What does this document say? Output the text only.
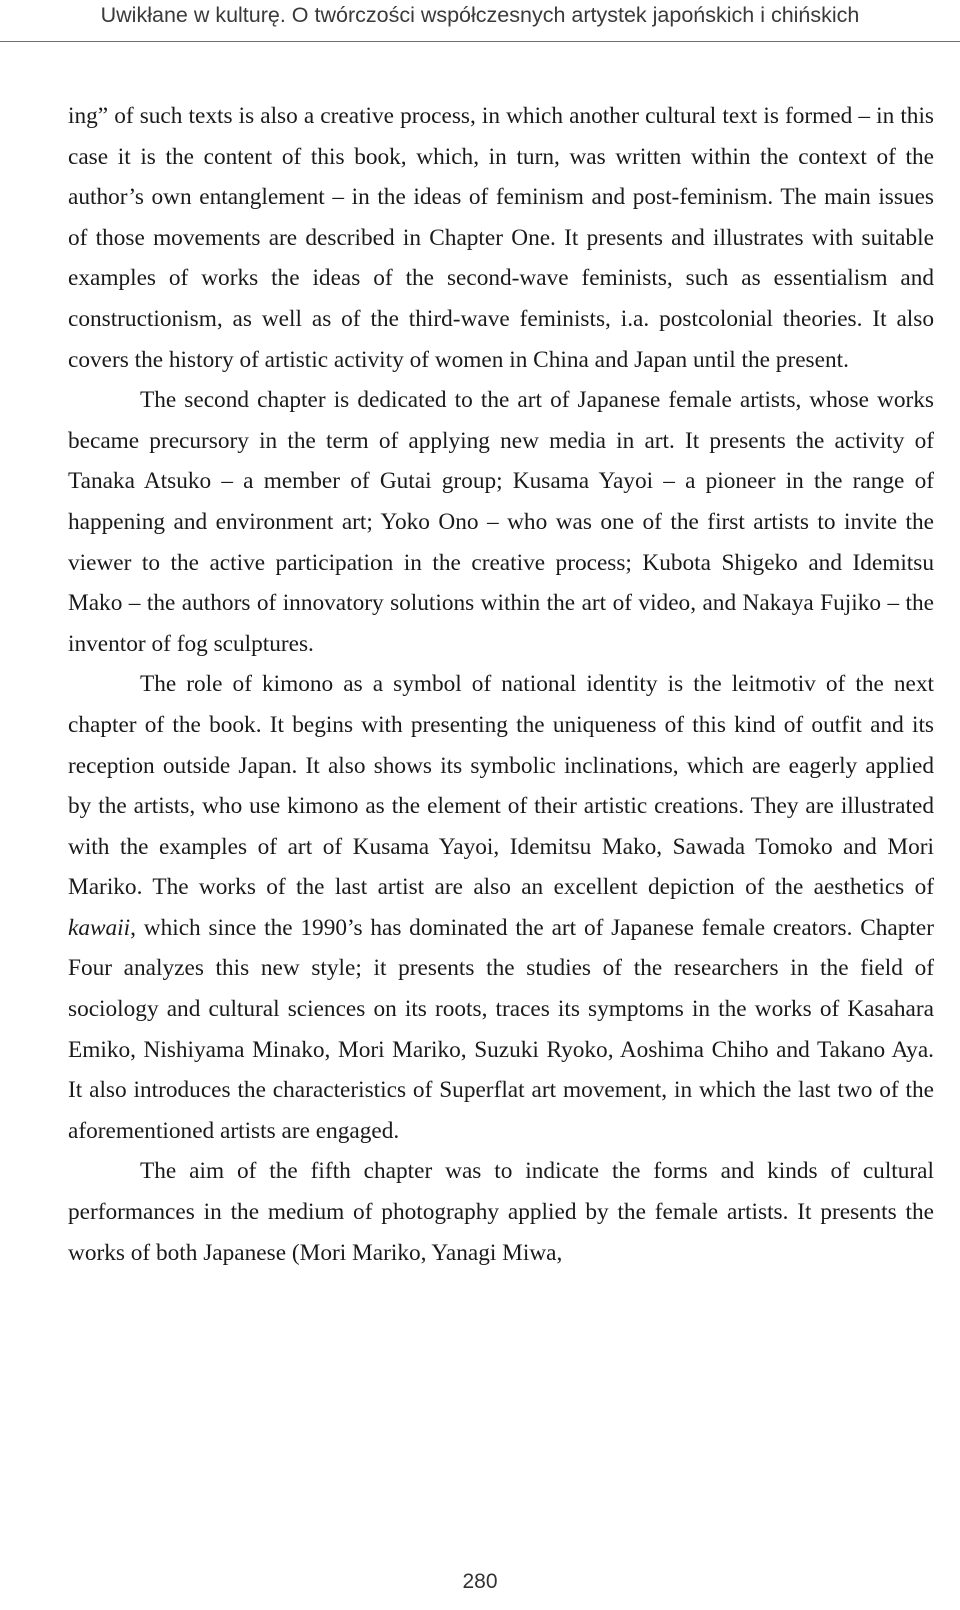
Uwikłane w kulturę. O twórczości współczesnych artystek japońskich i chińskich

ing” of such texts is also a creative process, in which another cultural text is formed – in this case it is the content of this book, which, in turn, was written within the context of the author’s own entanglement – in the ideas of feminism and post-feminism. The main issues of those movements are described in Chapter One. It presents and illustrates with suitable examples of works the ideas of the second-wave feminists, such as essentialism and constructionism, as well as of the third-wave feminists, i.a. postcolonial theories. It also covers the history of artistic activity of women in China and Japan until the present.

The second chapter is dedicated to the art of Japanese female artists, whose works became precursory in the term of applying new media in art. It presents the activity of Tanaka Atsuko – a member of Gutai group; Kusama Yayoi – a pioneer in the range of happening and environment art; Yoko Ono – who was one of the first artists to invite the viewer to the active participation in the creative process; Kubota Shigeko and Idemitsu Mako – the authors of innovatory solutions within the art of video, and Nakaya Fujiko – the inventor of fog sculptures.

The role of kimono as a symbol of national identity is the leitmotiv of the next chapter of the book. It begins with presenting the uniqueness of this kind of outfit and its reception outside Japan. It also shows its symbolic inclinations, which are eagerly applied by the artists, who use kimono as the element of their artistic creations. They are illustrated with the examples of art of Kusama Yayoi, Idemitsu Mako, Sawada Tomoko and Mori Mariko. The works of the last artist are also an excellent depiction of the aesthetics of kawaii, which since the 1990’s has dominated the art of Japanese female creators. Chapter Four analyzes this new style; it presents the studies of the researchers in the field of sociology and cultural sciences on its roots, traces its symptoms in the works of Kasahara Emiko, Nishiyama Minako, Mori Mariko, Suzuki Ryoko, Aoshima Chiho and Takano Aya. It also introduces the characteristics of Superflat art movement, in which the last two of the aforementioned artists are engaged.

The aim of the fifth chapter was to indicate the forms and kinds of cultural performances in the medium of photography applied by the female artists. It presents the works of both Japanese (Mori Mariko, Yanagi Miwa,

280
